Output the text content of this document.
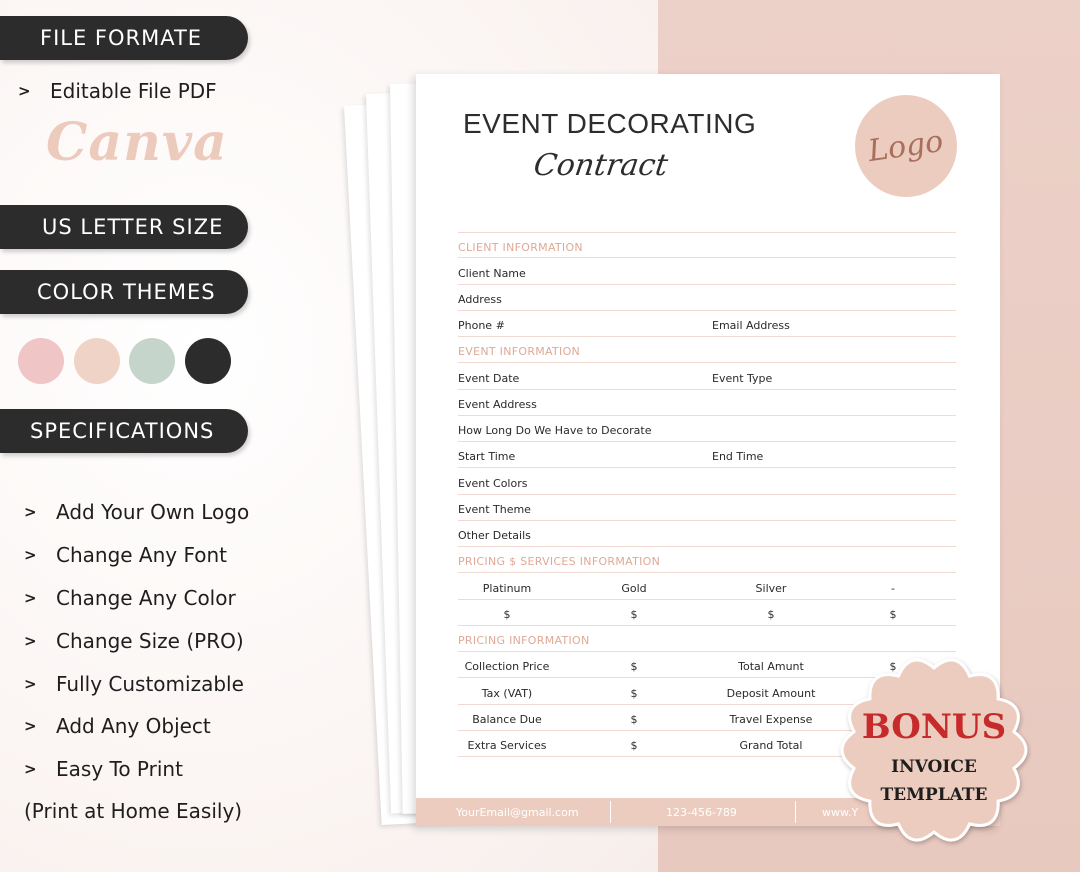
FILE FORMATE
> Editable File PDF
Canva
US LETTER SIZE
COLOR THEMES
SPECIFICATIONS
> Add Your Own Logo
> Change Any Font
> Change Any Color
> Change Size (PRO)
> Fully Customizable
> Add Any Object
> Easy To Print
(Print at Home Easily)
EVENT DECORATING
Contract	Logo
CLIENT INFORMATION
Client Name
Address
Phone #	Email Address
EVENT INFORMATION
Event Date	Event Type
Event Address
How Long Do We Have to Decorate
Start Time	End Time
Event Colors
Event Theme
Other Details
PRICING $ SERVICES INFORMATION
Platinum	Gold	Silver	-
$	$	$	$
PRICING INFORMATION
Collection Price	$	Total Amunt	$
Tax (VAT)	$	Deposit Amount
Balance Due	$	Travel Expense
Extra Services	$	Grand Total
YourEmail@gmail.com	123-456-789	www.Y
BONUS
INVOICE
TEMPLATE
